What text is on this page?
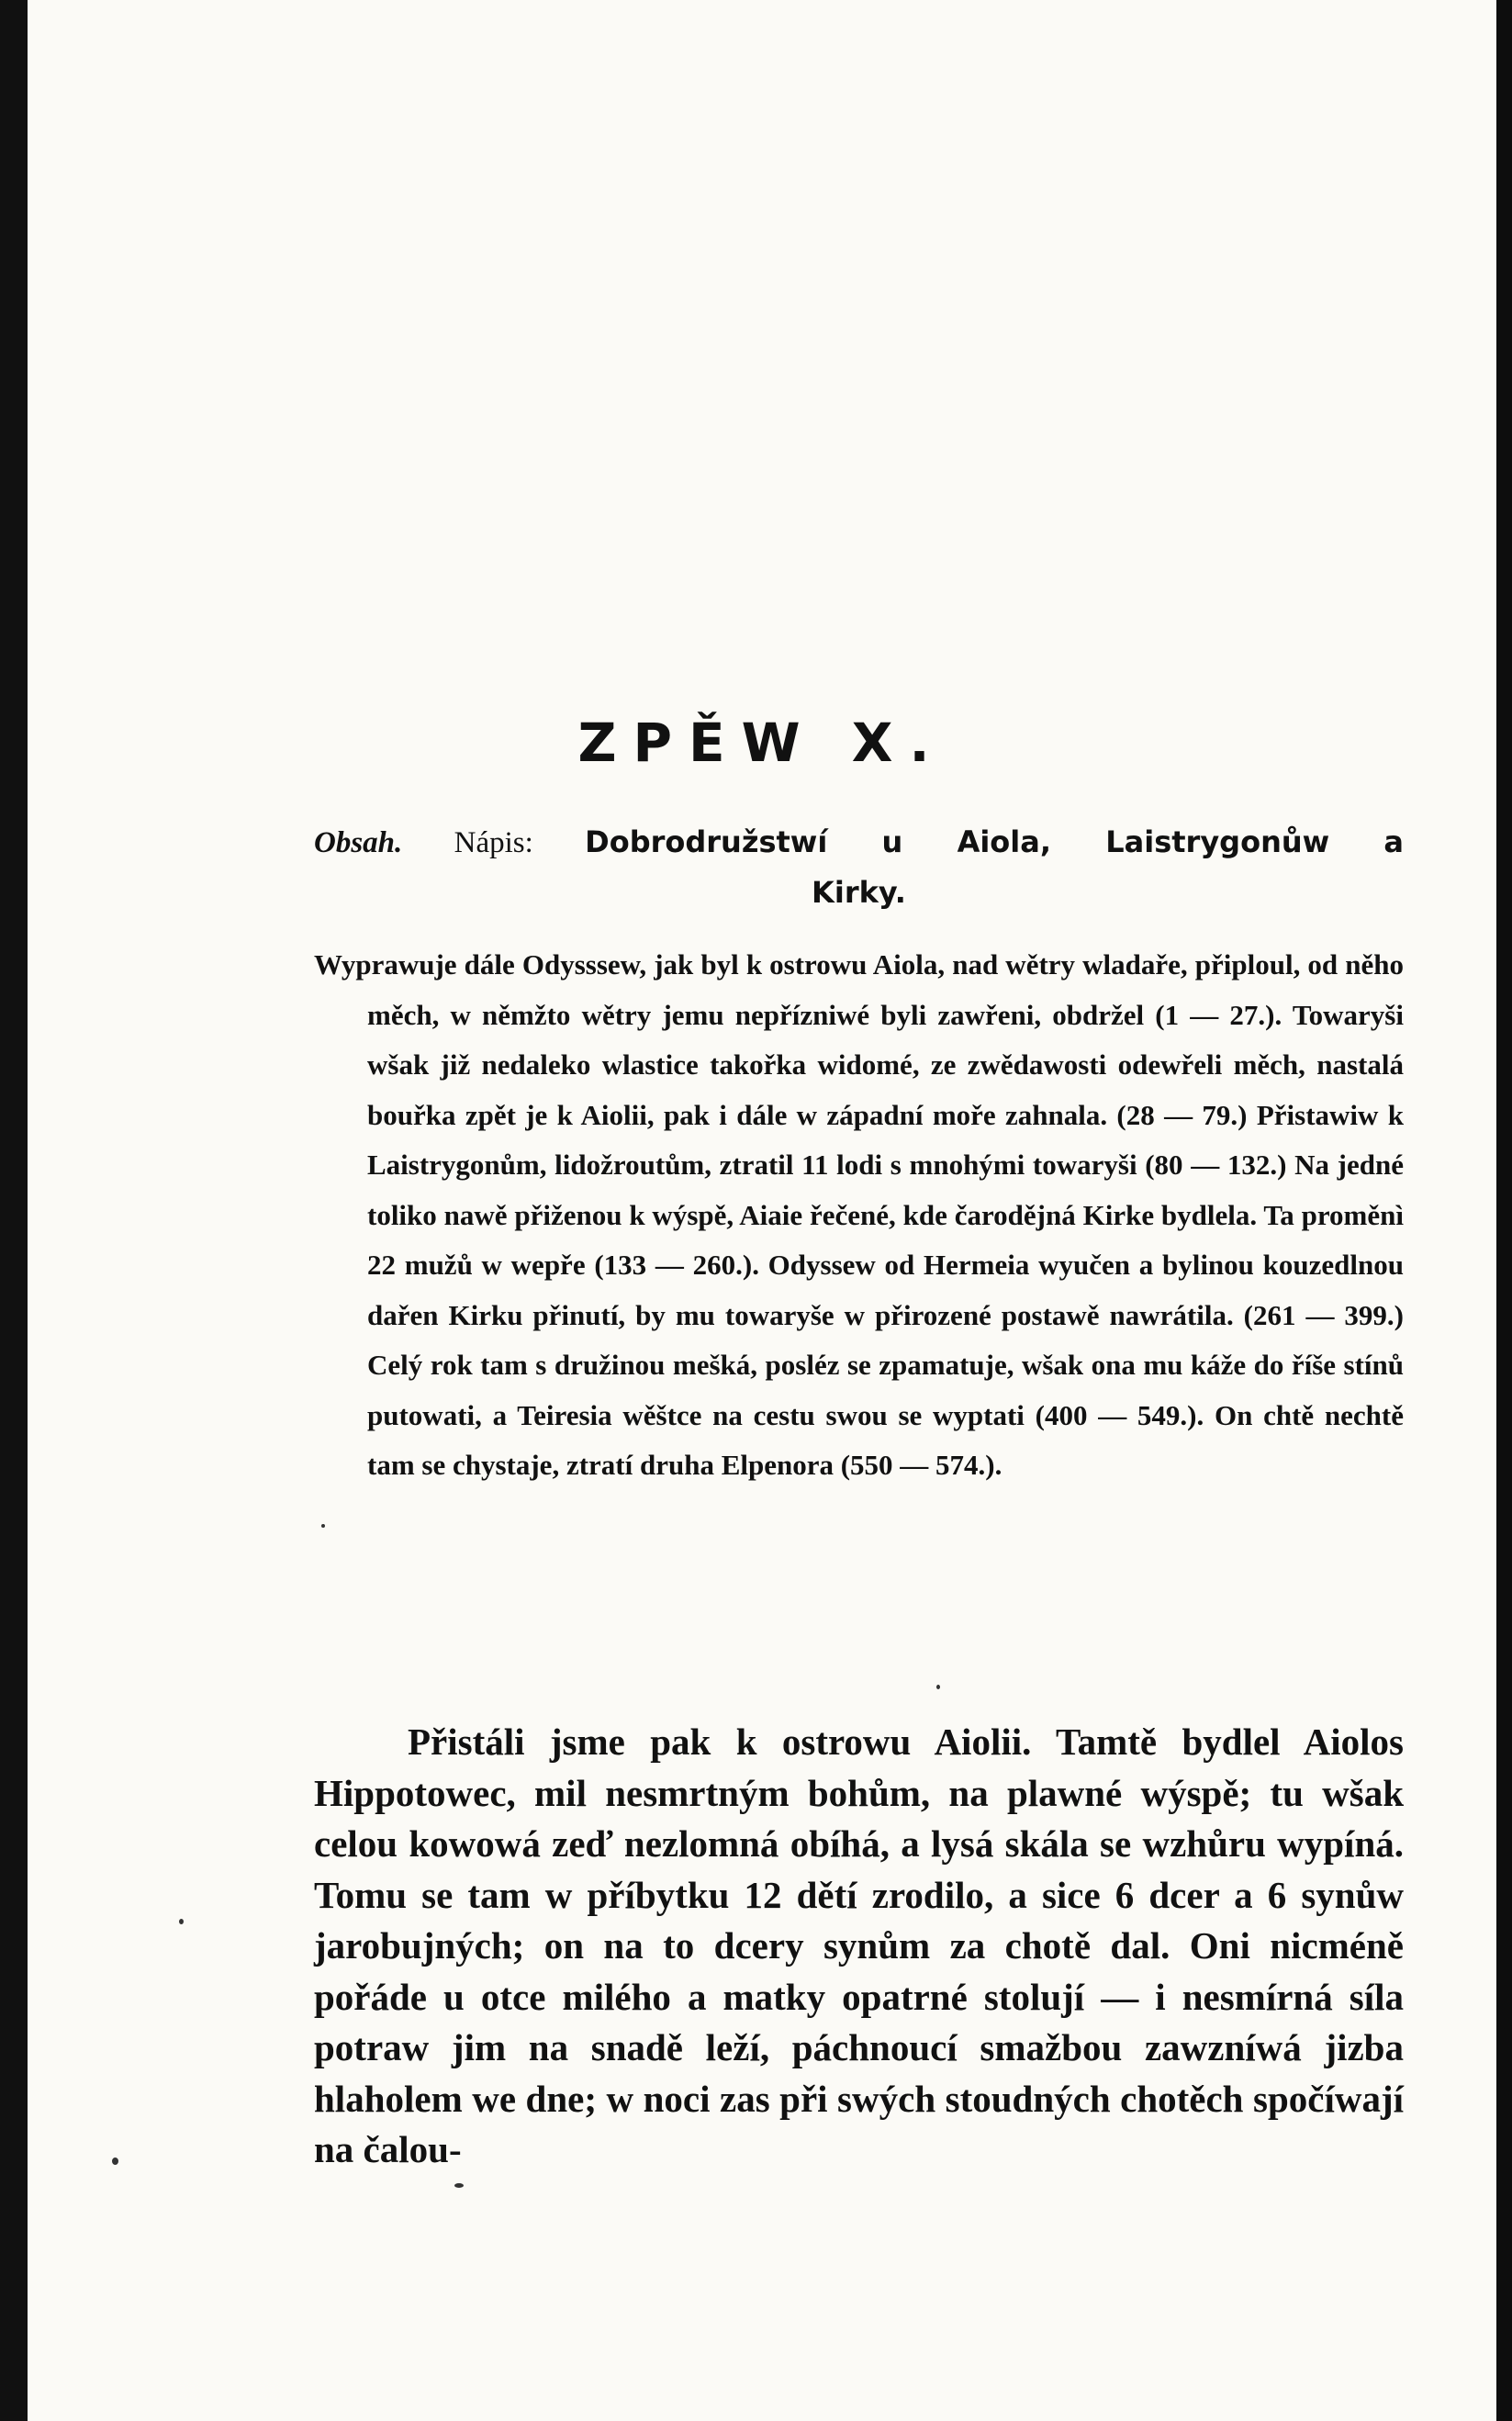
ZPĚW X.
Obsah. Nápis: Dobrodružstwí u Aiola, Laistrygonůw a
Kirky.
Wyprawuje dále Odysssew, jak byl k ostrowu Aiola, nad wětry wladaře, připloul, od něho měch, w němžto wětry jemu nepřízniwé byli zawřeni, obdržel (1 — 27.). Towaryši wšak již nedaleko wlastice takořka widomé, ze zwědawosti odewřeli měch, nastalá bouřka zpět je k Aiolii, pak i dále w západní moře zahnala. (28 — 79.) Přistawiw k Laistrygonům, lidožroutům, ztratil 11 lodi s mnohými towaryši (80 — 132.) Na jedné toliko nawě přiženou k wýspě, Aiaie řečené, kde čarodějná Kirke bydlela. Ta proměnì 22 mužů w wepře (133 — 260.). Odyssew od Hermeia wyučen a bylinou kouzedlnou dařen Kirku přinutí, by mu towaryše w přirozené postawě nawrátila. (261 — 399.) Celý rok tam s družinou mešká, posléz se zpamatuje, wšak ona mu káže do říše stínů putowati, a Teiresia wěštce na cestu swou se wyptati (400 — 549.). On chtě nechtě tam se chystaje, ztratí druha Elpenora (550 — 574.).

Přistáli jsme pak k ostrowu Aiolii. Tamtě bydlel Aiolos Hippotowec, mil nesmrtným bohům, na plawné wýspě; tu wšak celou kowowá zeď nezlomná obíhá, a lysá skála se wzhůru wypíná. Tomu se tam w příbytku 12 dětí zrodilo, a sice 6 dcer a 6 synůw jarobujných; on na to dcery synům za chotě dal. Oni nicméně pořáde u otce milého a matky opatrné stolují — i nesmírná síla potraw jim na snadě leží, páchnoucí smažbou zawzníwá jizba hlaholem we dne; w noci zas při swých stoudných chotěch spočíwají na čalou-
